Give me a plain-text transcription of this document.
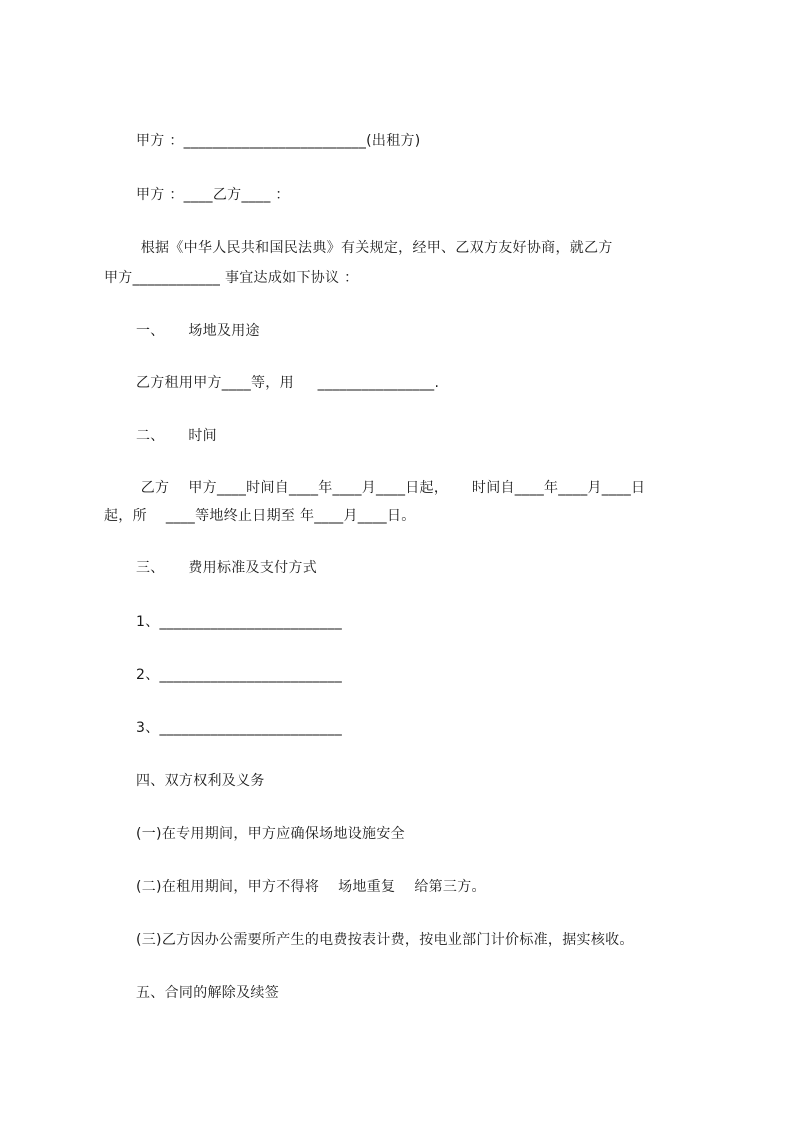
甲方 ：_________________________(出租方)
甲方 ：____乙方____ ：
根据《中华人民共和国民法典》有关规定，经甲、乙双方友好协商，就乙方
甲方____________ 事宜达成如下协议 ：
一、     场地及用途
乙方租用甲方____等，用     ________________.
二、     时间
乙方    甲方____时间自____年____月____日起，     时间自____年____月____日
起，所    ____等地终止日期至 年____月____日。
三、     费用标准及支付方式
1、_________________________
2、_________________________
3、_________________________
四、双方权利及义务
(一)在专用期间，甲方应确保场地设施安全
(二)在租用期间，甲方不得将    场地重复    给第三方。
(三)乙方因办公需要所产生的电费按表计费，按电业部门计价标准，据实核收。
五、合同的解除及续签
